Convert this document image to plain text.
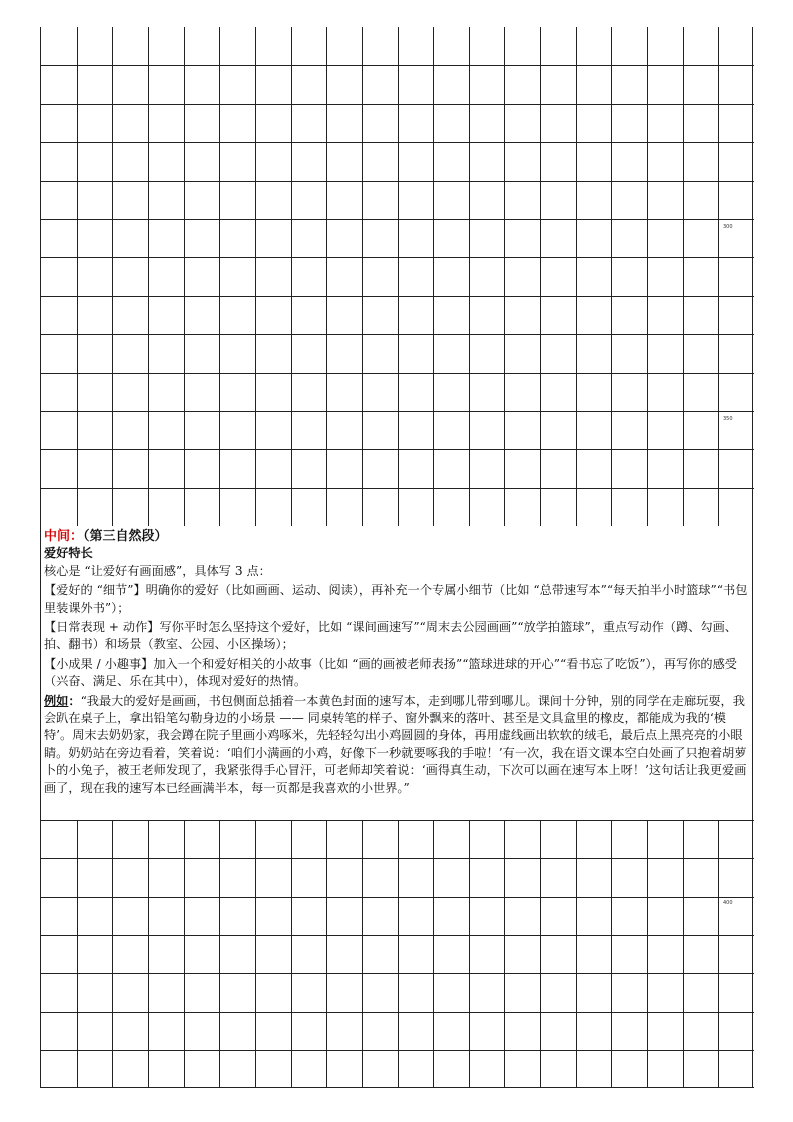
300
350

中间：（第三自然段）

爱好特长

核心是 “让爱好有画面感”，具体写 3 点：

【爱好的 “细节”】明确你的爱好（比如画画、运动、阅读），再补充一个专属小细节（比如 “总带速写本”“每天拍半小时篮球”“书包里装课外书”）；

【日常表现 + 动作】写你平时怎么坚持这个爱好，比如 “课间画速写”“周末去公园画画”“放学拍篮球”，重点写动作（蹲、勾画、拍、翻书）和场景（教室、公园、小区操场）；

【小成果 / 小趣事】加入一个和爱好相关的小故事（比如 “画的画被老师表扬”“篮球进球的开心”“看书忘了吃饭”），再写你的感受（兴奋、满足、乐在其中），体现对爱好的热情。

例如：“我最大的爱好是画画，书包侧面总插着一本黄色封面的速写本，走到哪儿带到哪儿。课间十分钟，别的同学在走廊玩耍，我会趴在桌子上，拿出铅笔勾勒身边的小场景 —— 同桌转笔的样子、窗外飘来的落叶、甚至是文具盒里的橡皮，都能成为我的‘模特’。周末去奶奶家，我会蹲在院子里画小鸡啄米，先轻轻勾出小鸡圆圆的身体，再用虚线画出软软的绒毛，最后点上黑亮亮的小眼睛。奶奶站在旁边看着，笑着说：‘咱们小满画的小鸡，好像下一秒就要啄我的手啦！’有一次，我在语文课本空白处画了只抱着胡萝卜的小兔子，被王老师发现了，我紧张得手心冒汗，可老师却笑着说：‘画得真生动，下次可以画在速写本上呀！’这句话让我更爱画画了，现在我的速写本已经画满半本，每一页都是我喜欢的小世界。”

400
